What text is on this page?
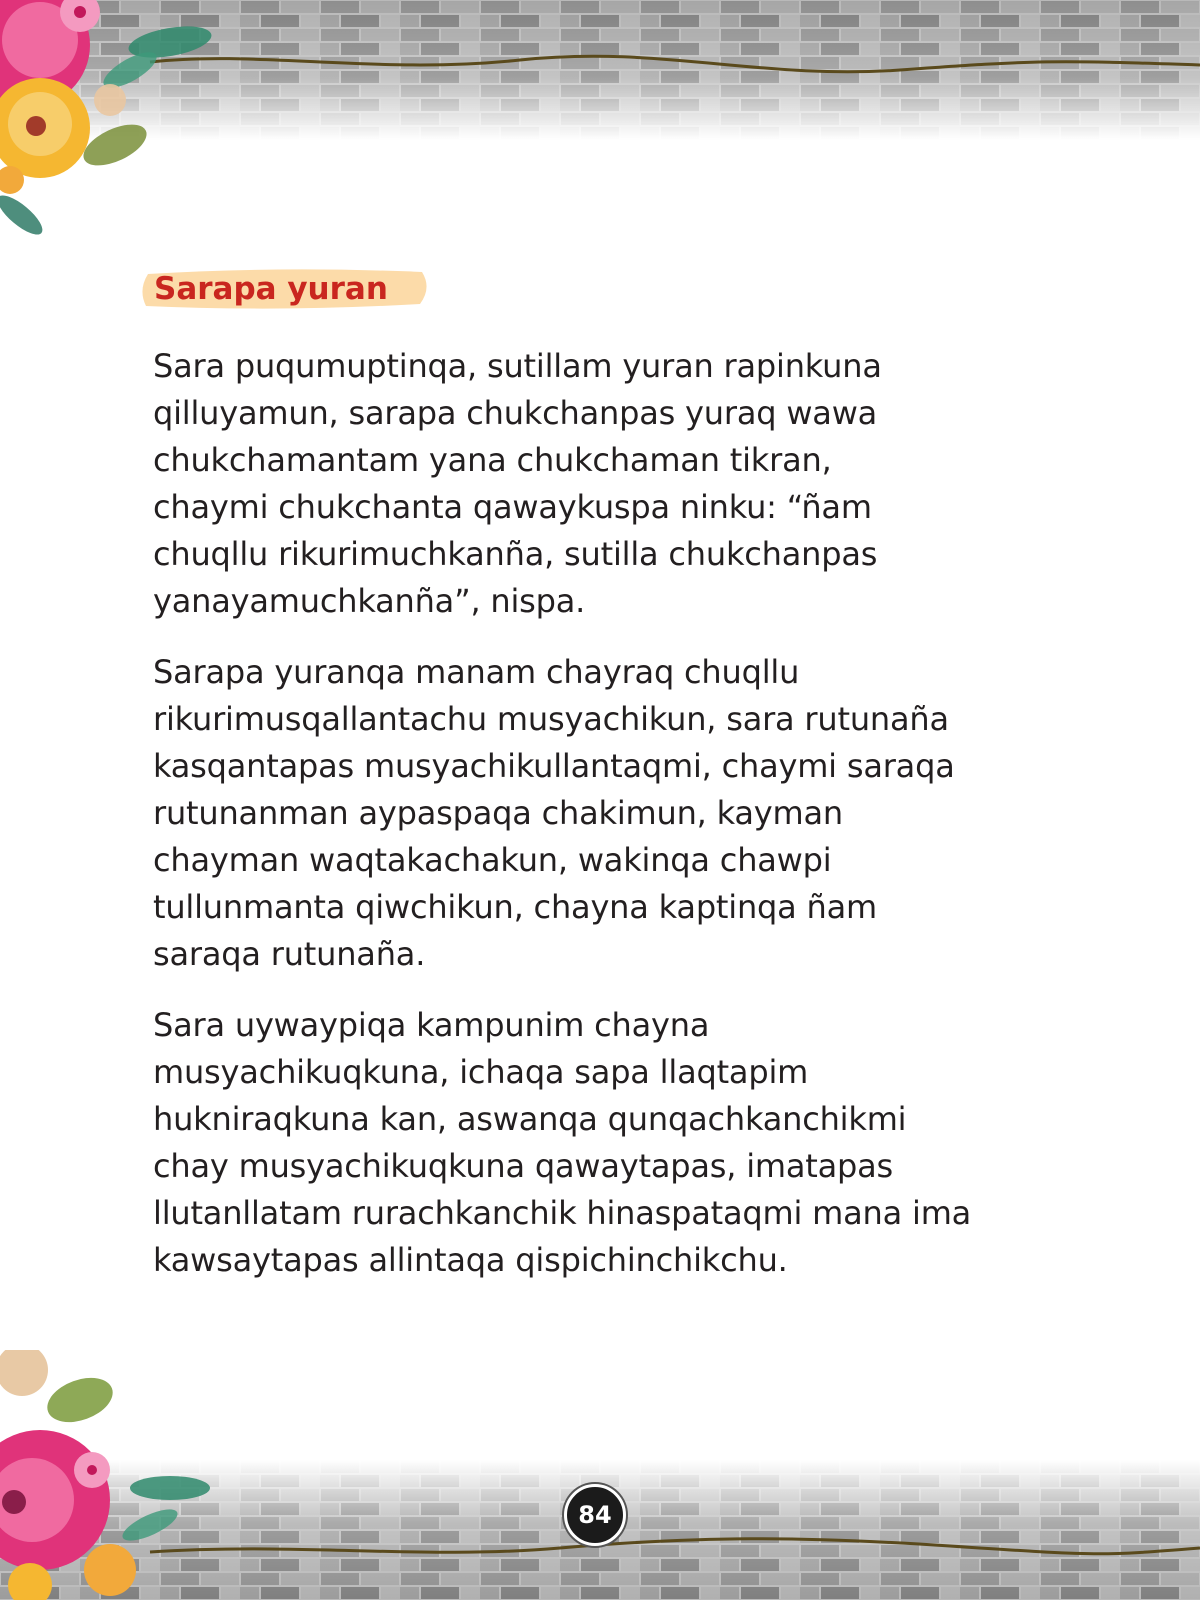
Sarapa yuran

Sara puqumuptinqa, sutillam yuran rapinkuna
qilluyamun, sarapa chukchanpas yuraq wawa
chukchamantam yana chukchaman tikran,
chaymi chukchanta qawaykuspa ninku: “ñam
chuqllu rikurimuchkanña, sutilla chukchanpas
yanayamuchkanña”, nispa.

Sarapa yuranqa manam chayraq chuqllu
rikurimusqallantachu musyachikun, sara rutunaña
kasqantapas musyachikullantaqmi, chaymi saraqa
rutunanman aypaspaqa chakimun, kayman
chayman waqtakachakun, wakinqa chawpi
tullunmanta qiwchikun, chayna kaptinqa ñam
saraqa rutunaña.

Sara uywaypiqa kampunim chayna
musyachikuqkuna, ichaqa sapa llaqtapim
hukniraqkuna kan, aswanqa qunqachkanchikmi
chay musyachikuqkuna qawaytapas, imatapas
llutanllatam rurachkanchik hinaspataqmi mana ima
kawsaytapas allintaqa qispichinchikchu.

84
